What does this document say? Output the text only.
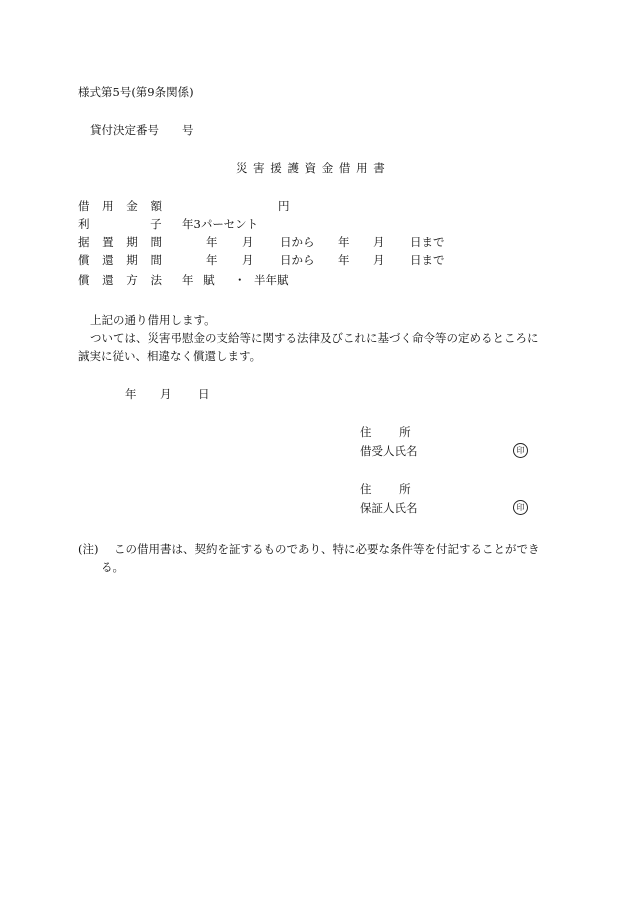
様式第5号(第9条関係)
貸付決定番号 号
災 害 援 護 資 金 借 用 書
借 用 金 額	円
利 子 年3パーセント
据 置 期 間	年 月 日から 年 月 日まで
償 還 期 間	年 月 日から 年 月 日まで
償 還 方 法 年 賦 ・ 半年賦
上記の通り借用します。
ついては、災害弔慰金の支給等に関する法律及びこれに基づく命令等の定めるところに
誠実に従い、相違なく償還します。
年 月 日
住 所
借受人氏名	印
住 所
保証人氏名	印
(注) この借用書は、契約を証するものであり、特に必要な条件等を付記することができ
る。
